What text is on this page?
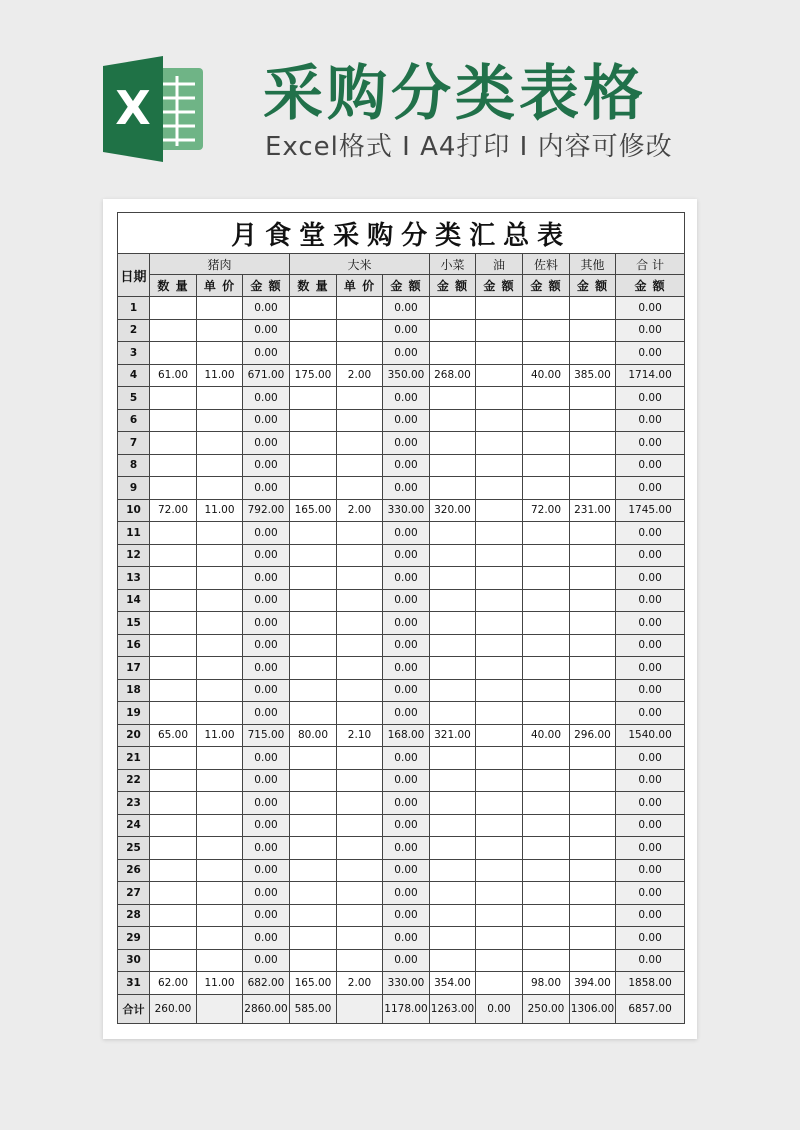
X 采购分类表格
Excel格式 I A4打印 I 内容可修改
月食堂采购分类汇总表											
日期	猪肉			大米			小菜	油	佐料	其他	合 计
	数 量	单 价	金 额	数 量	单 价	金 额	金 额	金 额	金 额	金 额	金 额
1			0.00			0.00					0.00
2			0.00			0.00					0.00
3			0.00			0.00					0.00
4	61.00	11.00	671.00	175.00	2.00	350.00	268.00		40.00	385.00	1714.00
5			0.00			0.00					0.00
6			0.00			0.00					0.00
7			0.00			0.00					0.00
8			0.00			0.00					0.00
9			0.00			0.00					0.00
10	72.00	11.00	792.00	165.00	2.00	330.00	320.00		72.00	231.00	1745.00
11			0.00			0.00					0.00
12			0.00			0.00					0.00
13			0.00			0.00					0.00
14			0.00			0.00					0.00
15			0.00			0.00					0.00
16			0.00			0.00					0.00
17			0.00			0.00					0.00
18			0.00			0.00					0.00
19			0.00			0.00					0.00
20	65.00	11.00	715.00	80.00	2.10	168.00	321.00		40.00	296.00	1540.00
21			0.00			0.00					0.00
22			0.00			0.00					0.00
23			0.00			0.00					0.00
24			0.00			0.00					0.00
25			0.00			0.00					0.00
26			0.00			0.00					0.00
27			0.00			0.00					0.00
28			0.00			0.00					0.00
29			0.00			0.00					0.00
30			0.00			0.00					0.00
31	62.00	11.00	682.00	165.00	2.00	330.00	354.00		98.00	394.00	1858.00
合计	260.00		2860.00	585.00		1178.00	1263.00	0.00	250.00	1306.00	6857.00
